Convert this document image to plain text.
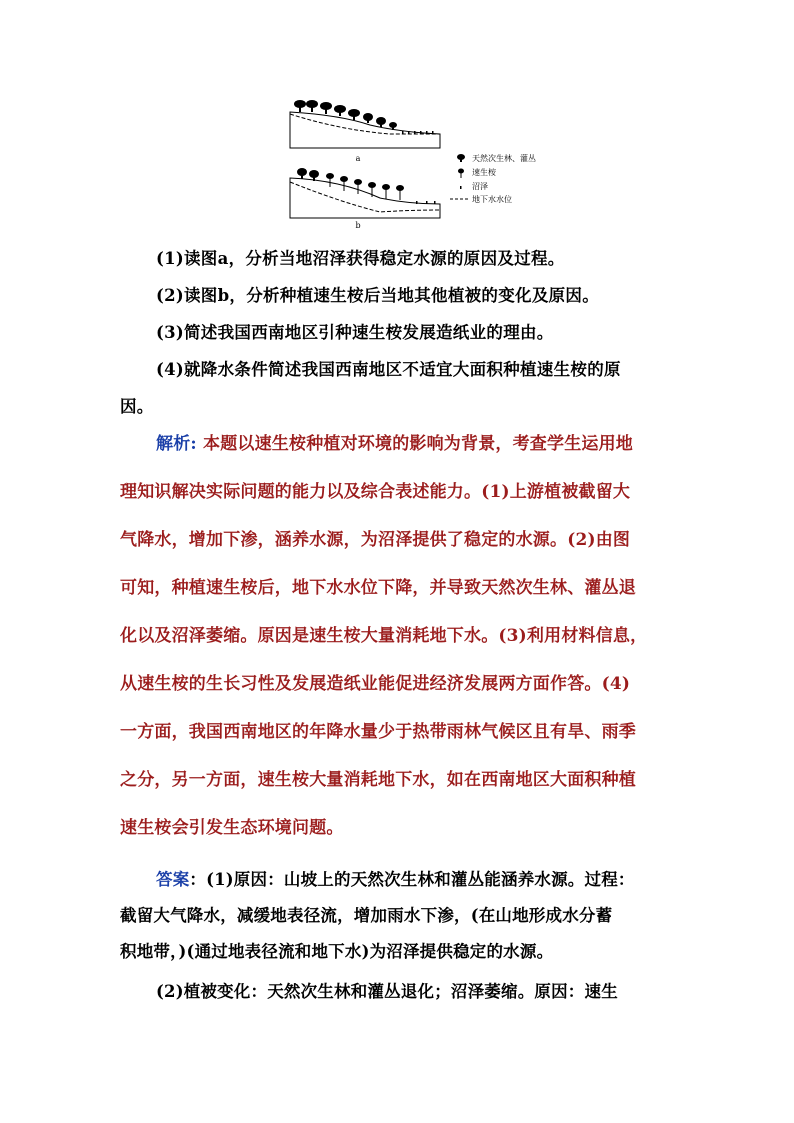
a
b
天然次生林、灌丛
速生桉
沼泽
地下水水位
(1)读图a，分析当地沼泽获得稳定水源的原因及过程。
(2)读图b，分析种植速生桉后当地其他植被的变化及原因。
(3)简述我国西南地区引种速生桉发展造纸业的理由。
(4)就降水条件简述我国西南地区不适宜大面积种植速生桉的原
因。
解析: 本题以速生桉种植对环境的影响为背景，考查学生运用地
理知识解决实际问题的能力以及综合表述能力。(1)上游植被截留大
气降水，增加下渗，涵养水源，为沼泽提供了稳定的水源。(2)由图
可知，种植速生桉后，地下水水位下降，并导致天然次生林、灌丛退
化以及沼泽萎缩。原因是速生桉大量消耗地下水。(3)利用材料信息，
从速生桉的生长习性及发展造纸业能促进经济发展两方面作答。(4)
一方面，我国西南地区的年降水量少于热带雨林气候区且有旱、雨季
之分，另一方面，速生桉大量消耗地下水，如在西南地区大面积种植
速生桉会引发生态环境问题。
答案：(1)原因：山坡上的天然次生林和灌丛能涵养水源。过程：
截留大气降水，减缓地表径流，增加雨水下渗，(在山地形成水分蓄
积地带，)(通过地表径流和地下水)为沼泽提供稳定的水源。
(2)植被变化：天然次生林和灌丛退化；沼泽萎缩。原因：速生
